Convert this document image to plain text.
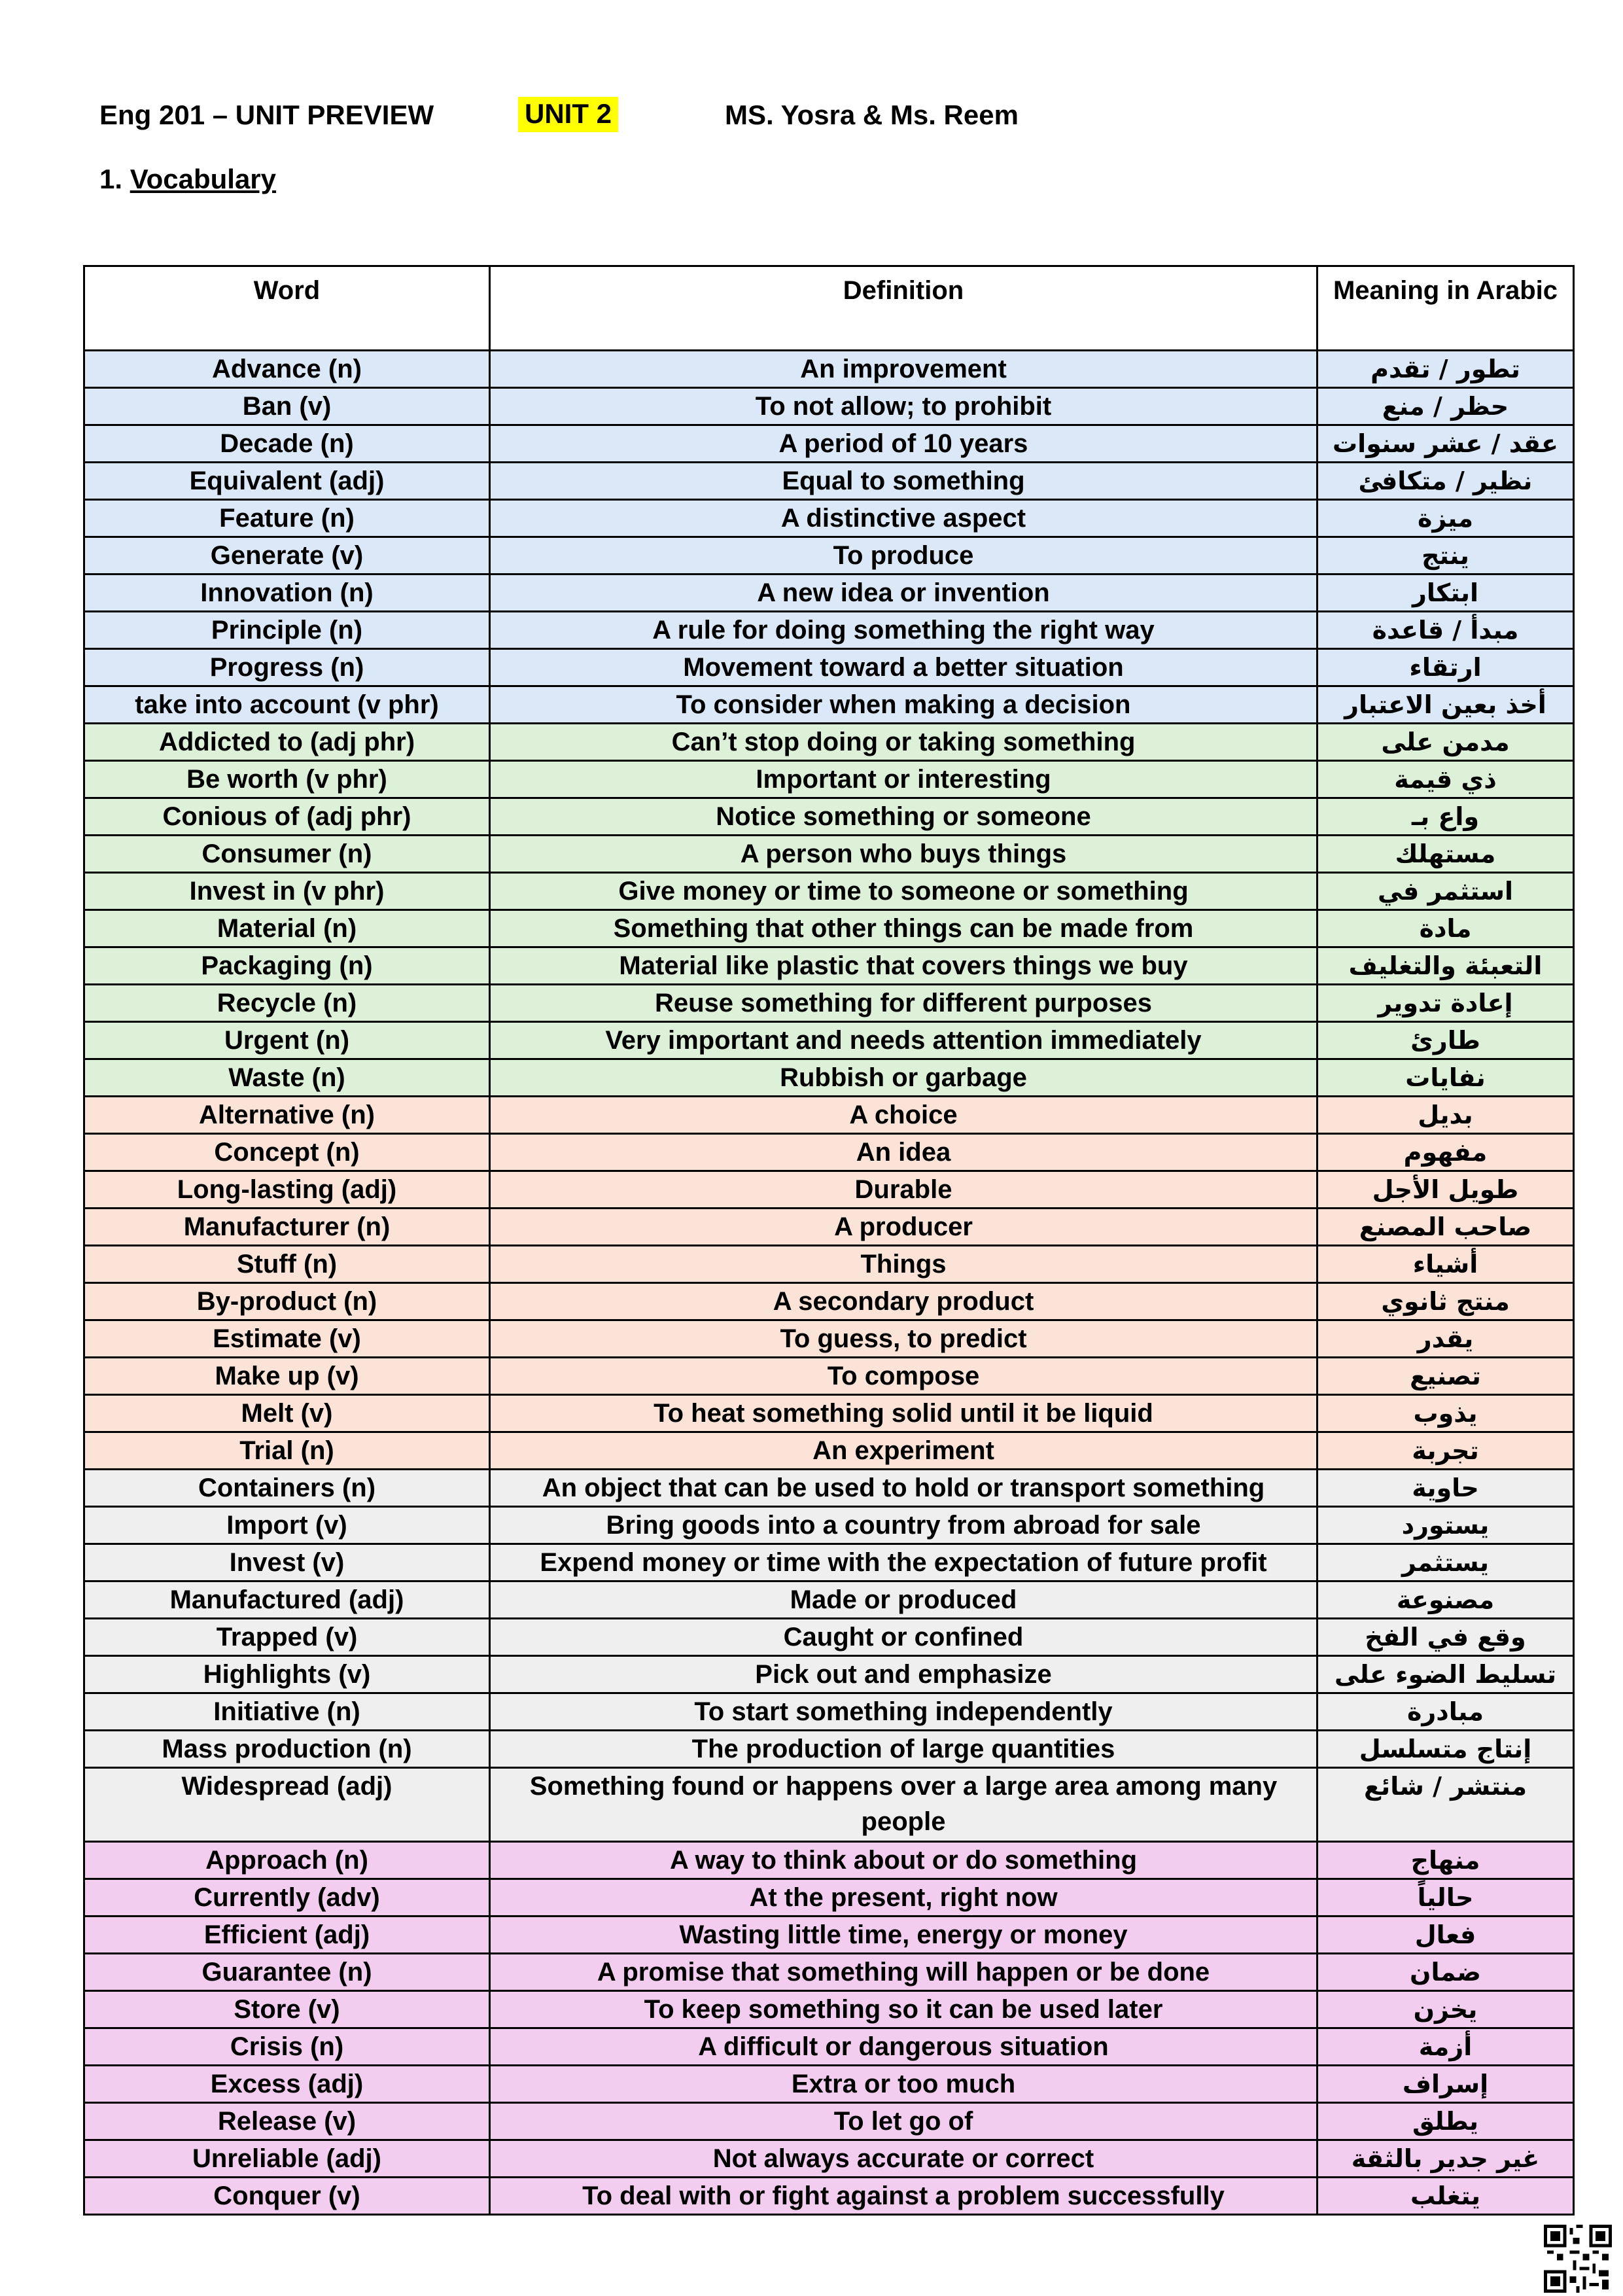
Eng 201 – UNIT PREVIEW	UNIT 2	MS. Yosra & Ms. Reem
1. Vocabulary
Word	Definition	Meaning in Arabic
Advance (n)	An improvement	تطور / تقدم
Ban (v)	To not allow; to prohibit	حظر / منع
Decade (n)	A period of 10 years	عقد / عشر سنوات
Equivalent (adj)	Equal to something	نظير / متكافئ
Feature (n)	A distinctive aspect	ميزة
Generate (v)	To produce	ينتج
Innovation (n)	A new idea or invention	ابتكار
Principle (n)	A rule for doing something the right way	مبدأ / قاعدة
Progress (n)	Movement toward a better situation	ارتقاء
take into account (v phr)	To consider when making a decision	أخذ بعين الاعتبار
Addicted to (adj phr)	Can’t stop doing or taking something	مدمن على
Be worth (v phr)	Important or interesting	ذي قيمة
Conious of (adj phr)	Notice something or someone	واع بـ
Consumer (n)	A person who buys things	مستهلك
Invest in (v phr)	Give money or time to someone or something	استثمر في
Material (n)	Something that other things can be made from	مادة
Packaging (n)	Material like plastic that covers things we buy	التعبئة والتغليف
Recycle (n)	Reuse something for different purposes	إعادة تدوير
Urgent (n)	Very important and needs attention immediately	طارئ
Waste (n)	Rubbish or garbage	نفايات
Alternative (n)	A choice	بديل
Concept (n)	An idea	مفهوم
Long-lasting (adj)	Durable	طويل الأجل
Manufacturer (n)	A producer	صاحب المصنع
Stuff (n)	Things	أشياء
By-product (n)	A secondary product	منتج ثانوي
Estimate (v)	To guess, to predict	يقدر
Make up (v)	To compose	تصنيع
Melt (v)	To heat something solid until it be liquid	يذوب
Trial (n)	An experiment	تجربة
Containers (n)	An object that can be used to hold or transport something	حاوية
Import (v)	Bring goods into a country from abroad for sale	يستورد
Invest (v)	Expend money or time with the expectation of future profit	يستثمر
Manufactured (adj)	Made or produced	مصنوعة
Trapped (v)	Caught or confined	وقع في الفخ
Highlights (v)	Pick out and emphasize	تسليط الضوء على
Initiative (n)	To start something independently	مبادرة
Mass production (n)	The production of large quantities	إنتاج متسلسل
Widespread (adj)	Something found or happens over a large area among many people	منتشر / شائع
Approach (n)	A way to think about or do something	منهاج
Currently (adv)	At the present, right now	حالياً
Efficient (adj)	Wasting little time, energy or money	فعال
Guarantee (n)	A promise that something will happen or be done	ضمان
Store (v)	To keep something so it can be used later	يخزن
Crisis (n)	A difficult or dangerous situation	أزمة
Excess (adj)	Extra or too much	إسراف
Release (v)	To let go of	يطلق
Unreliable (adj)	Not always accurate or correct	غير جدير بالثقة
Conquer (v)	To deal with or fight against a problem successfully	يتغلب
